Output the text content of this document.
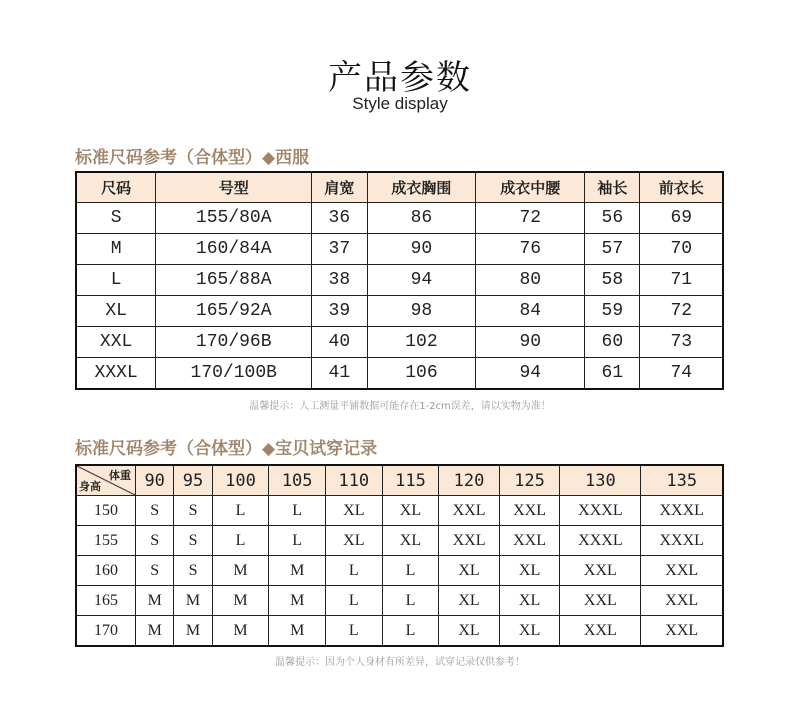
产品参数
Style display
标准尺码参考（合体型）◆西服
尺码	号型	肩宽	成衣胸围	成衣中腰	袖长	前衣长
S	155/80A	36	86	72	56	69
M	160/84A	37	90	76	57	70
L	165/88A	38	94	80	58	71
XL	165/92A	39	98	84	59	72
XXL	170/96B	40	102	90	60	73
XXXL	170/100B	41	106	94	61	74
温馨提示：人工测量平铺数据可能存在1-2cm误差，请以实物为准！
标准尺码参考（合体型）◆宝贝试穿记录
体重
身高	90	95	100	105	110	115	120	125	130	135
150	S	S	L	L	XL	XL	XXL	XXL	XXXL	XXXL
155	S	S	L	L	XL	XL	XXL	XXL	XXXL	XXXL
160	S	S	M	M	L	L	XL	XL	XXL	XXL
165	M	M	M	M	L	L	XL	XL	XXL	XXL
170	M	M	M	M	L	L	XL	XL	XXL	XXL
温馨提示：因为个人身材有所差异，试穿记录仅供参考！
